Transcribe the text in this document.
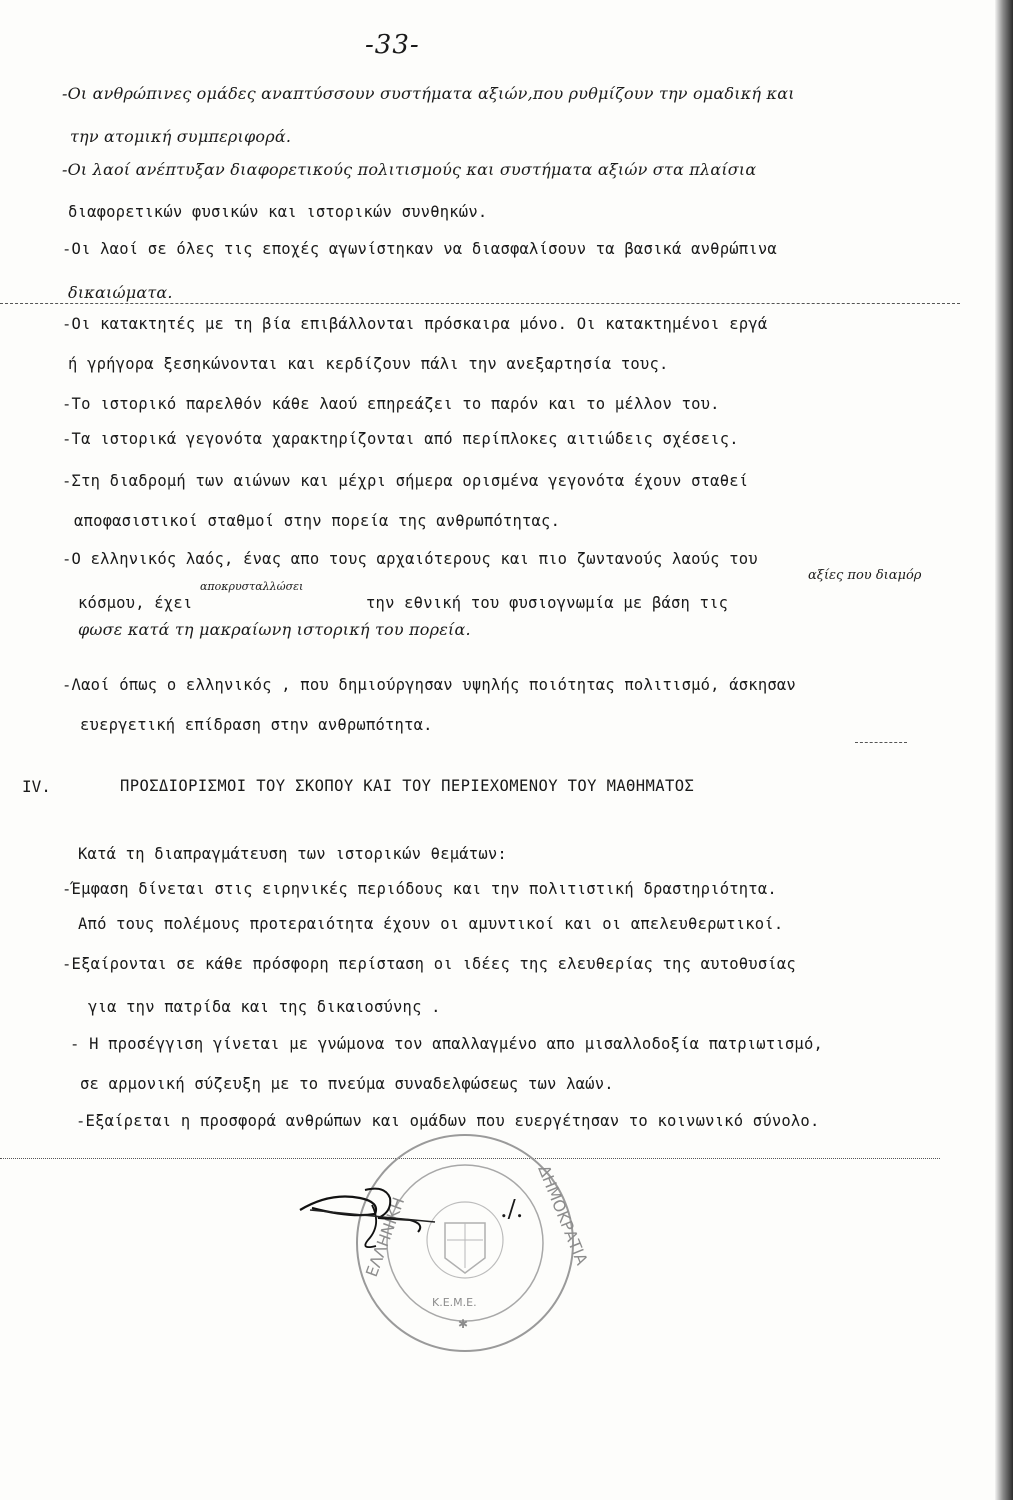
-33-
-Οι ανθρώπινες ομάδες αναπτύσσουν συστήματα αξιών,που ρυθμίζουν την ομαδική και
την ατομική συμπεριφορά.
-Οι λαοί ανέπτυξαν διαφορετικούς πολιτισμούς και συστήματα αξιών στα πλαίσια
διαφορετικών φυσικών και ιστορικών συνθηκών.
-Οι λαοί σε όλες τις εποχές αγωνίστηκαν να διασφαλίσουν τα βασικά ανθρώπινα
δικαιώματα.
-Οι κατακτητές με τη βία επιβάλλονται πρόσκαιρα μόνο. Οι κατακτημένοι εργά
ή γρήγορα ξεσηκώνονται και κερδίζουν πάλι την ανεξαρτησία τους.
-Το ιστορικό παρελθόν κάθε λαού επηρεάζει το παρόν και το μέλλον του.
-Τα ιστορικά γεγονότα χαρακτηρίζονται από περίπλοκες αιτιώδεις σχέσεις.
-Στη διαδρομή των αιώνων και μέχρι σήμερα ορισμένα γεγονότα έχουν σταθεί
αποφασιστικοί σταθμοί στην πορεία της ανθρωπότητας.
-Ο ελληνικός λαός, ένας απο τους αρχαιότερους και πιο ζωντανούς λαούς του
αποκρυσταλλώσει
αξίες που διαμόρ
κόσμου, έχει	την εθνική του φυσιογνωμία με βάση τις
φωσε κατά τη μακραίωνη ιστορική του πορεία.
-Λαοί όπως ο ελληνικός , που δημιούργησαν υψηλής ποιότητας πολιτισμό, άσκησαν
ευεργετική επίδραση στην ανθρωπότητα.
IV.	ΠΡΟΣΔΙΟΡΙΣΜΟΙ ΤΟΥ ΣΚΟΠΟΥ ΚΑΙ ΤΟΥ ΠΕΡΙΕΧΟΜΕΝΟΥ ΤΟΥ ΜΑΘΗΜΑΤΟΣ
Κατά τη διαπραγμάτευση των ιστορικών θεμάτων:
-Έμφαση δίνεται στις ειρηνικές περιόδους και την πολιτιστική δραστηριότητα.
Από τους πολέμους προτεραιότητα έχουν οι αμυντικοί και οι απελευθερωτικοί.
-Εξαίρονται σε κάθε πρόσφορη περίσταση οι ιδέες της ελευθερίας της αυτοθυσίας
για την πατρίδα και της δικαιοσύνης .
- Η προσέγγιση γίνεται με γνώμονα τον απαλλαγμένο απο μισαλλοδοξία πατριωτισμό,
σε αρμονική σύζευξη με το πνεύμα συναδελφώσεως των λαών.
-Εξαίρεται η προσφορά ανθρώπων και ομάδων που ευεργέτησαν το κοινωνικό σύνολο.
ΕΛΛΗΝΙΚΗ	ΔΗΜΟΚΡΑΤΙΑ
Κ.Ε.Μ.Ε.
✱
./.
